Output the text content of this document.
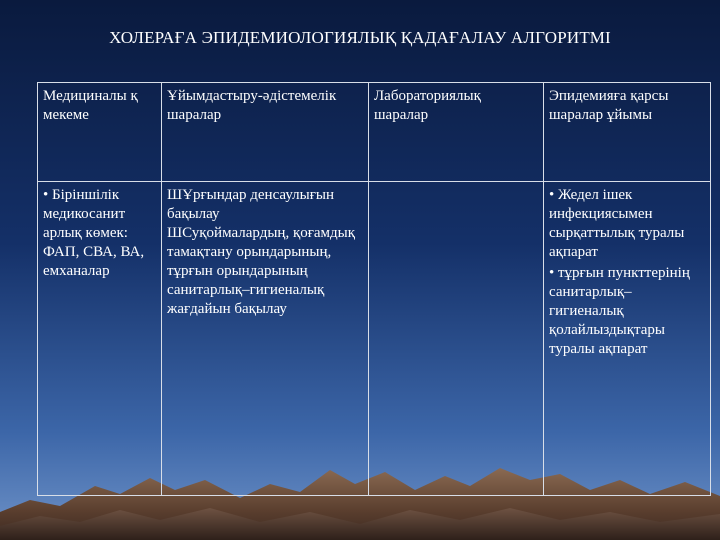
ХОЛЕРАҒА ЭПИДЕМИОЛОГИЯЛЫҚ ҚАДАҒАЛАУ АЛГОРИТМІ
Медициналы қ мекеме	Ұйымдастыру-әдістемелік шаралар	Лабораториялық шаралар	Эпидемияға қарсы шаралар ұйымы
• Біріншілік медикосанит арлық көмек: ФАП, СВА, ВА, емханалар	ШҰрғындар денсаулығын бақылау
ШСуқоймалардың, қоғамдық тамақтану орындарының, тұрғын орындарының санитарлық–гигиеналық жағдайын бақылау		• Жедел ішек инфекциясымен сырқаттылық туралы ақпарат
• тұрғын пункттерінің санитарлық–гигиеналық қолайлыздықтары туралы ақпарат
